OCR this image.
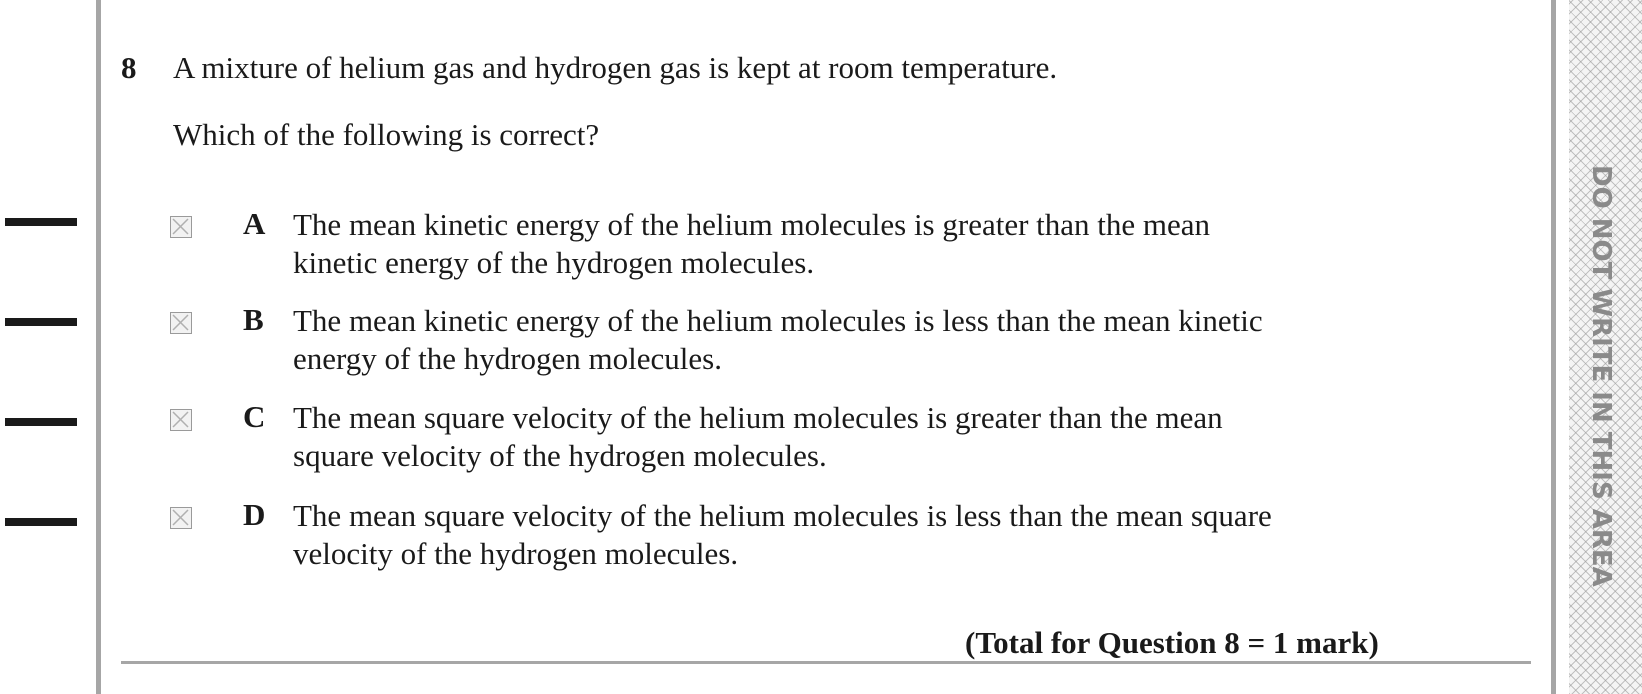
DO NOT WRITE IN THIS AREA
8 A mixture of helium gas and hydrogen gas is kept at room temperature.
Which of the following is correct?
A The mean kinetic energy of the helium molecules is greater than the mean
kinetic energy of the hydrogen molecules.
B The mean kinetic energy of the helium molecules is less than the mean kinetic
energy of the hydrogen molecules.
C The mean square velocity of the helium molecules is greater than the mean
square velocity of the hydrogen molecules.
D The mean square velocity of the helium molecules is less than the mean square
velocity of the hydrogen molecules.
(Total for Question 8 = 1 mark)
